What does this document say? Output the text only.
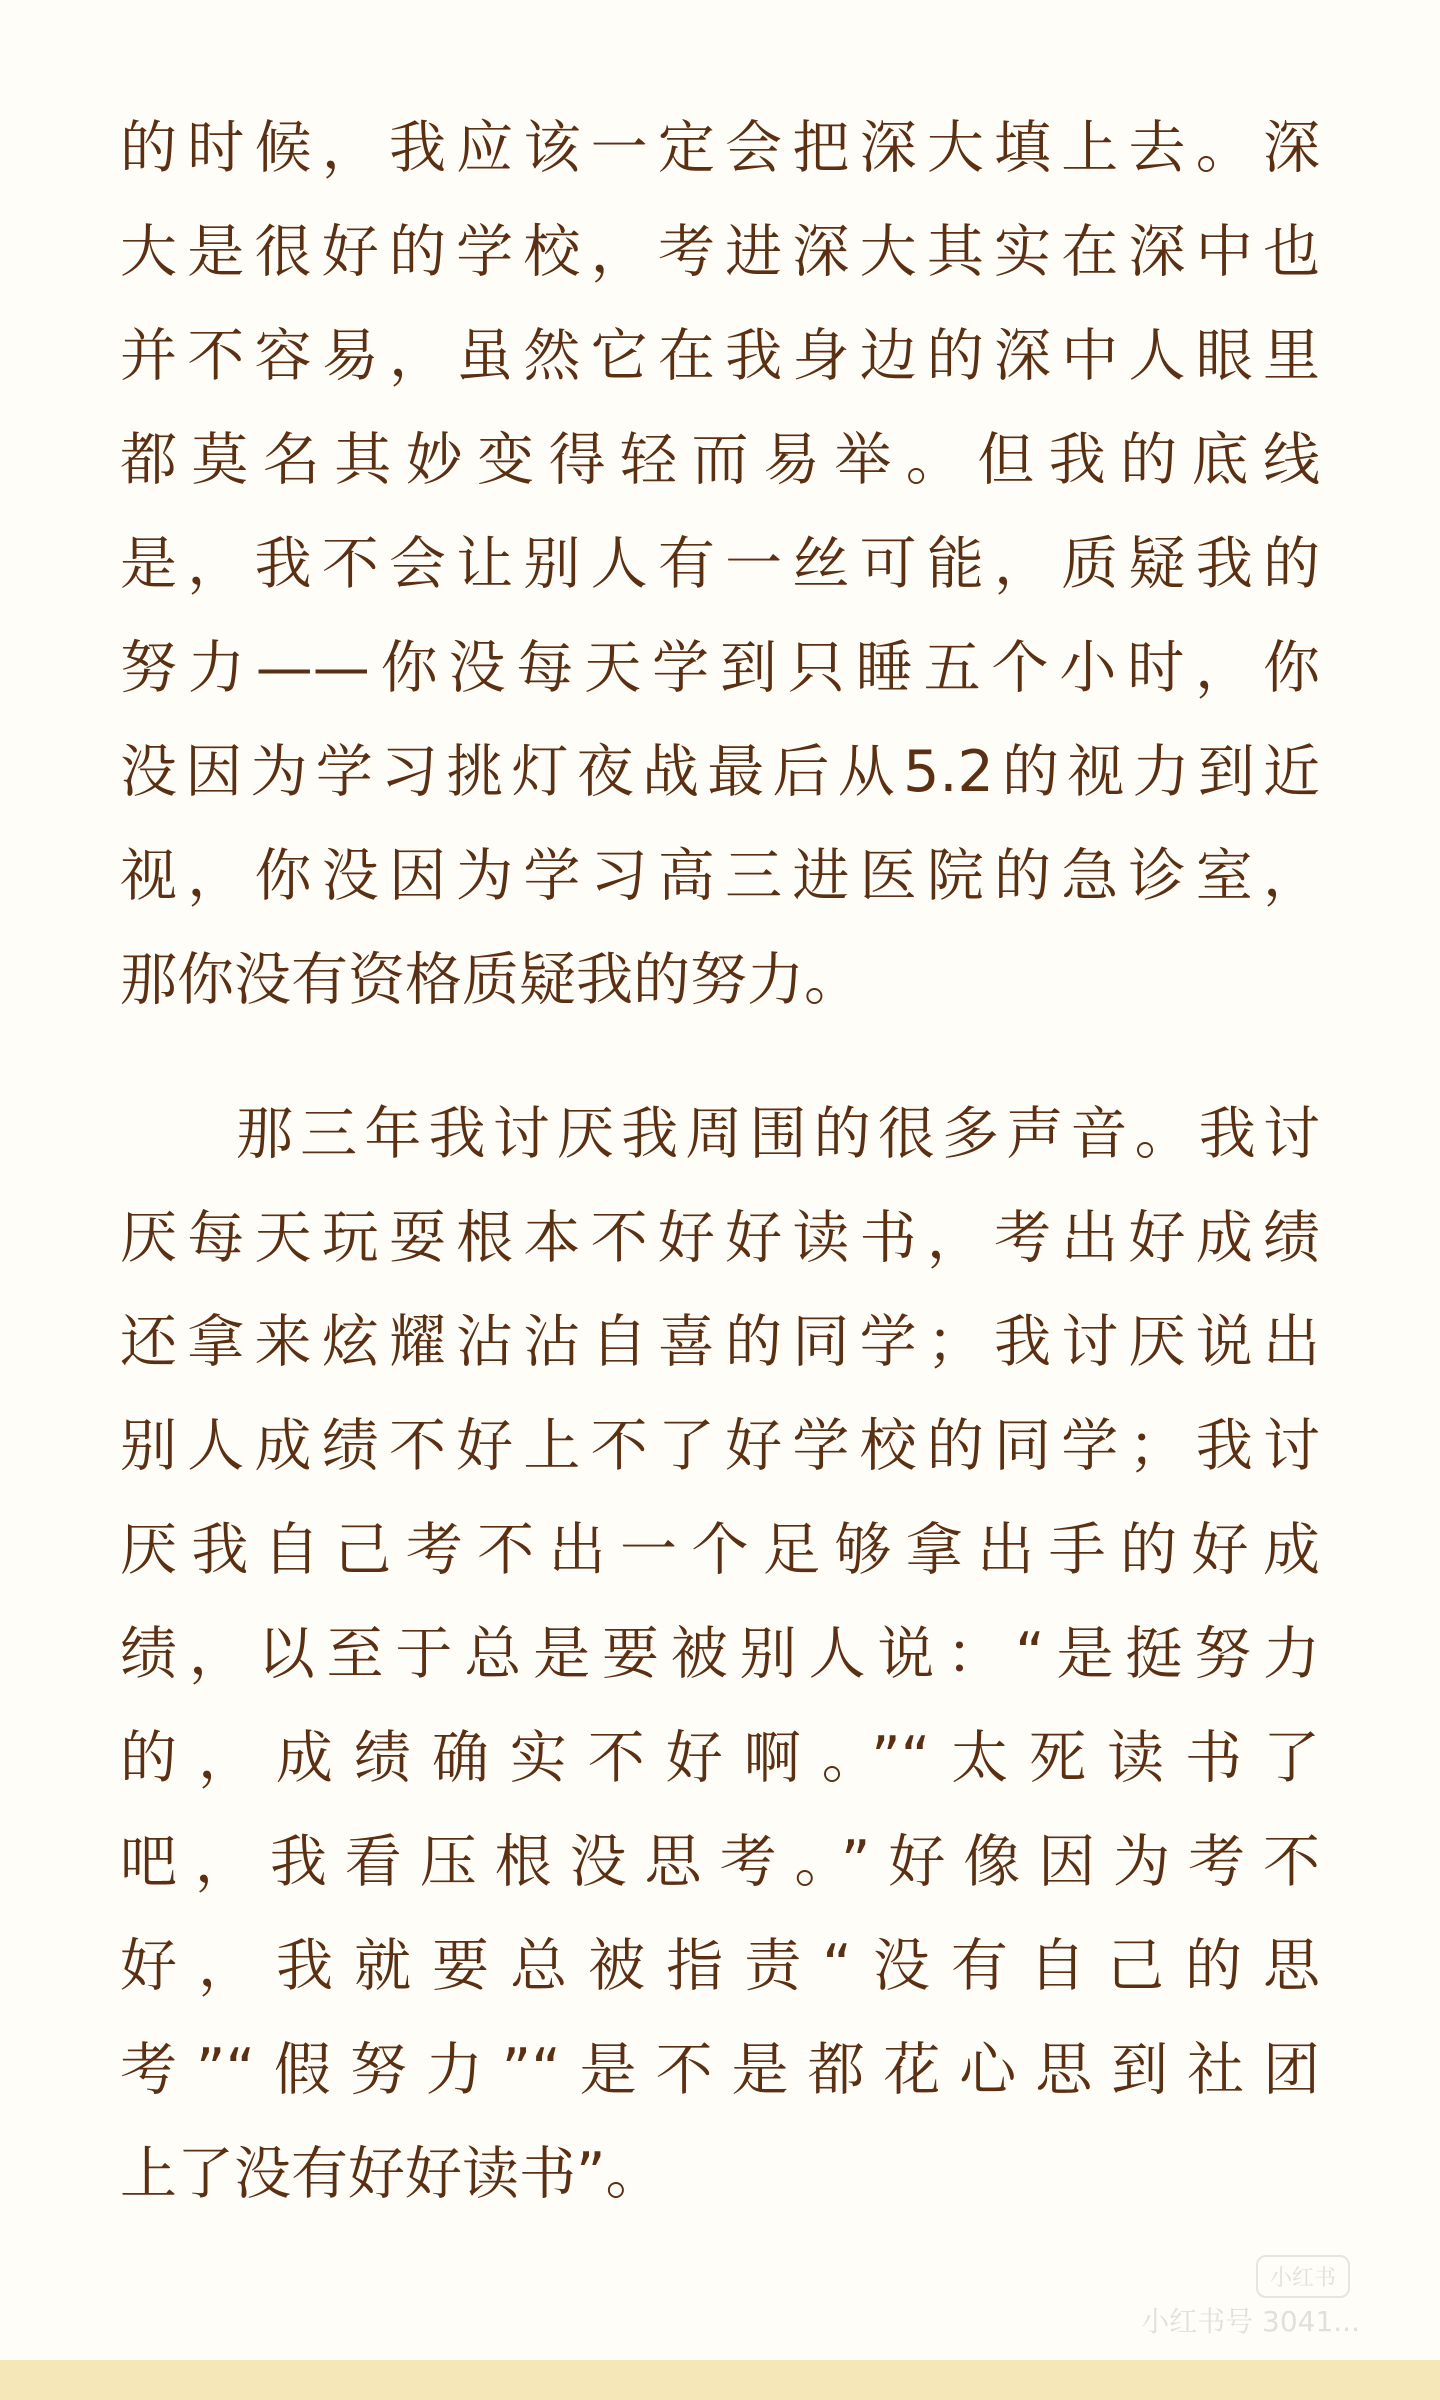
的时候，我应该一定会把深大填上去。深
大是很好的学校，考进深大其实在深中也
并不容易，虽然它在我身边的深中人眼里
都莫名其妙变得轻而易举。但我的底线
是，我不会让别人有一丝可能，质疑我的
努力——你没每天学到只睡五个小时，你
没因为学习挑灯夜战最后从5.2的视力到近
视，你没因为学习高三进医院的急诊室，
那你没有资格质疑我的努力。

那三年我讨厌我周围的很多声音。我讨
厌每天玩耍根本不好好读书，考出好成绩
还拿来炫耀沾沾自喜的同学；我讨厌说出
别人成绩不好上不了好学校的同学；我讨
厌我自己考不出一个足够拿出手的好成
绩，以至于总是要被别人说：“是挺努力
的，成绩确实不好啊。”“太死读书了
吧，我看压根没思考。”好像因为考不
好，我就要总被指责“没有自己的思
考”“假努力”“是不是都花心思到社团
上了没有好好读书”。

小红书
小红书号 3041...
